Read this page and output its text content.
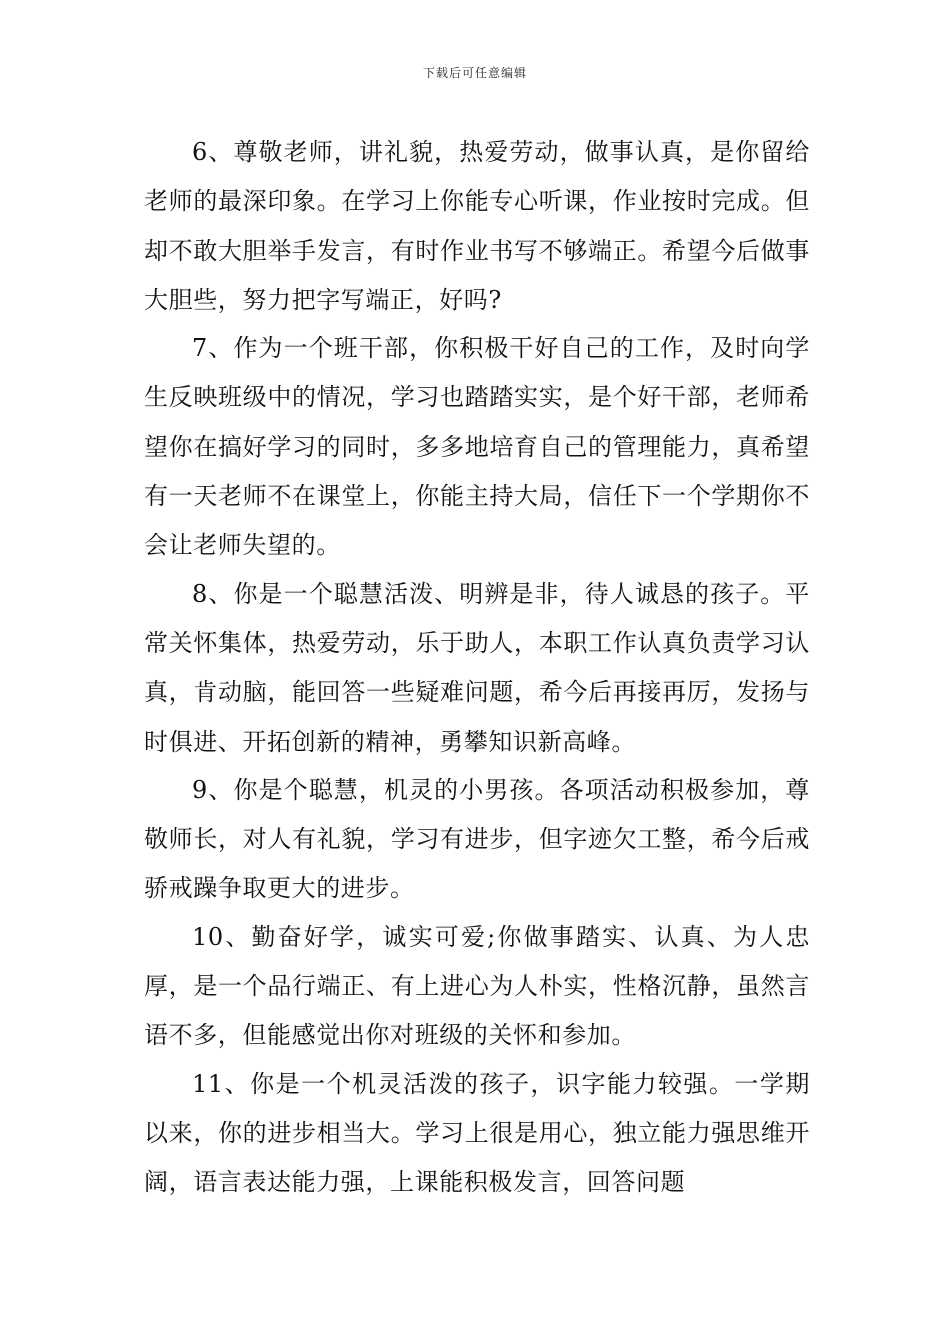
下载后可任意编辑

6、尊敬老师，讲礼貌，热爱劳动，做事认真，是你留给老师的最深印象。在学习上你能专心听课，作业按时完成。但却不敢大胆举手发言，有时作业书写不够端正。希望今后做事大胆些，努力把字写端正，好吗?

7、作为一个班干部，你积极干好自己的工作，及时向学生反映班级中的情况，学习也踏踏实实，是个好干部，老师希望你在搞好学习的同时，多多地培育自己的管理能力，真希望有一天老师不在课堂上，你能主持大局，信任下一个学期你不会让老师失望的。

8、你是一个聪慧活泼、明辨是非，待人诚恳的孩子。平常关怀集体，热爱劳动，乐于助人，本职工作认真负责学习认真，肯动脑，能回答一些疑难问题，希今后再接再厉，发扬与时俱进、开拓创新的精神，勇攀知识新高峰。

9、你是个聪慧，机灵的小男孩。各项活动积极参加，尊敬师长，对人有礼貌，学习有进步，但字迹欠工整，希今后戒骄戒躁争取更大的进步。

10、勤奋好学，诚实可爱;你做事踏实、认真、为人忠厚，是一个品行端正、有上进心为人朴实，性格沉静，虽然言语不多，但能感觉出你对班级的关怀和参加。

11、你是一个机灵活泼的孩子，识字能力较强。一学期以来，你的进步相当大。学习上很是用心，独立能力强思维开阔，语言表达能力强，上课能积极发言，回答问题
